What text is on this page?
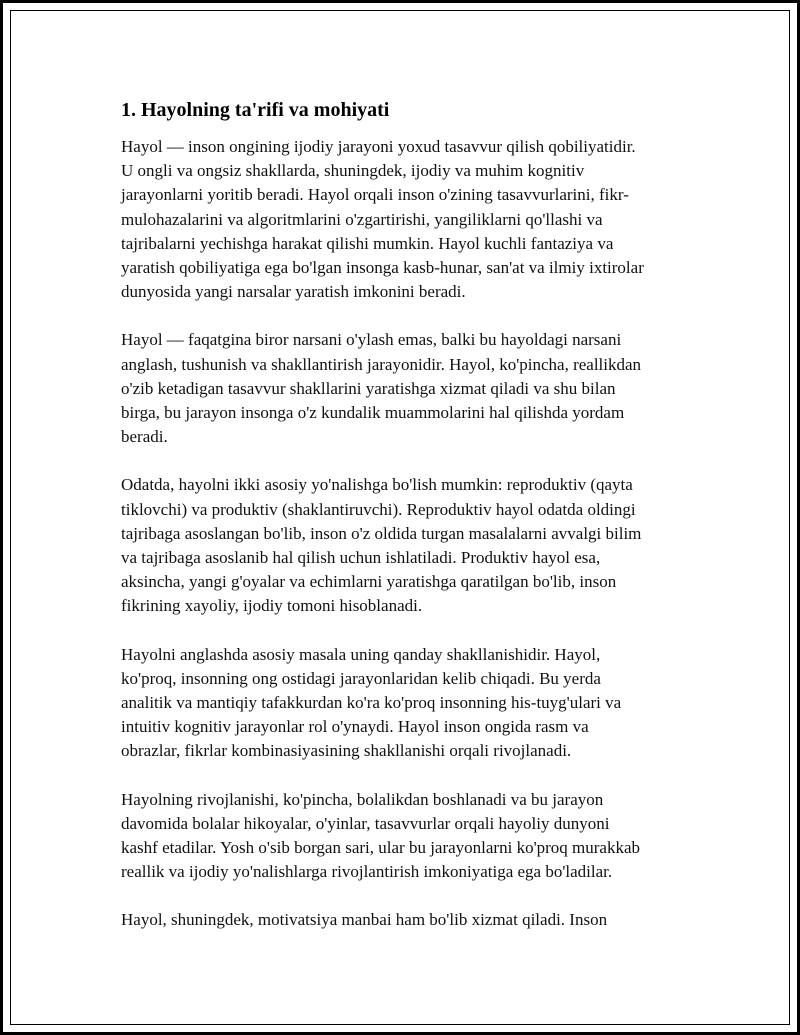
1. Hayolning ta'rifi va mohiyati

Hayol — inson ongining ijodiy jarayoni yoxud tasavvur qilish qobiliyatidir.
U ongli va ongsiz shakllarda, shuningdek, ijodiy va muhim kognitiv
jarayonlarni yoritib beradi. Hayol orqali inson o'zining tasavvurlarini, fikr-
mulohazalarini va algoritmlarini o'zgartirishi, yangiliklarni qo'llashi va
tajribalarni yechishga harakat qilishi mumkin. Hayol kuchli fantaziya va
yaratish qobiliyatiga ega bo'lgan insonga kasb-hunar, san'at va ilmiy ixtirolar
dunyosida yangi narsalar yaratish imkonini beradi.

Hayol — faqatgina biror narsani o'ylash emas, balki bu hayoldagi narsani
anglash, tushunish va shakllantirish jarayonidir. Hayol, ko'pincha, reallikdan
o'zib ketadigan tasavvur shakllarini yaratishga xizmat qiladi va shu bilan
birga, bu jarayon insonga o'z kundalik muammolarini hal qilishda yordam
beradi.

Odatda, hayolni ikki asosiy yo'nalishga bo'lish mumkin: reproduktiv (qayta
tiklovchi) va produktiv (shaklantiruvchi). Reproduktiv hayol odatda oldingi
tajribaga asoslangan bo'lib, inson o'z oldida turgan masalalarni avvalgi bilim
va tajribaga asoslanib hal qilish uchun ishlatiladi. Produktiv hayol esa,
aksincha, yangi g'oyalar va echimlarni yaratishga qaratilgan bo'lib, inson
fikrining xayoliy, ijodiy tomoni hisoblanadi.

Hayolni anglashda asosiy masala uning qanday shakllanishidir. Hayol,
ko'proq, insonning ong ostidagi jarayonlaridan kelib chiqadi. Bu yerda
analitik va mantiqiy tafakkurdan ko'ra ko'proq insonning his-tuyg'ulari va
intuitiv kognitiv jarayonlar rol o'ynaydi. Hayol inson ongida rasm va
obrazlar, fikrlar kombinasiyasining shakllanishi orqali rivojlanadi.

Hayolning rivojlanishi, ko'pincha, bolalikdan boshlanadi va bu jarayon
davomida bolalar hikoyalar, o'yinlar, tasavvurlar orqali hayoliy dunyoni
kashf etadilar. Yosh o'sib borgan sari, ular bu jarayonlarni ko'proq murakkab
reallik va ijodiy yo'nalishlarga rivojlantirish imkoniyatiga ega bo'ladilar.

Hayol, shuningdek, motivatsiya manbai ham bo'lib xizmat qiladi. Inson
